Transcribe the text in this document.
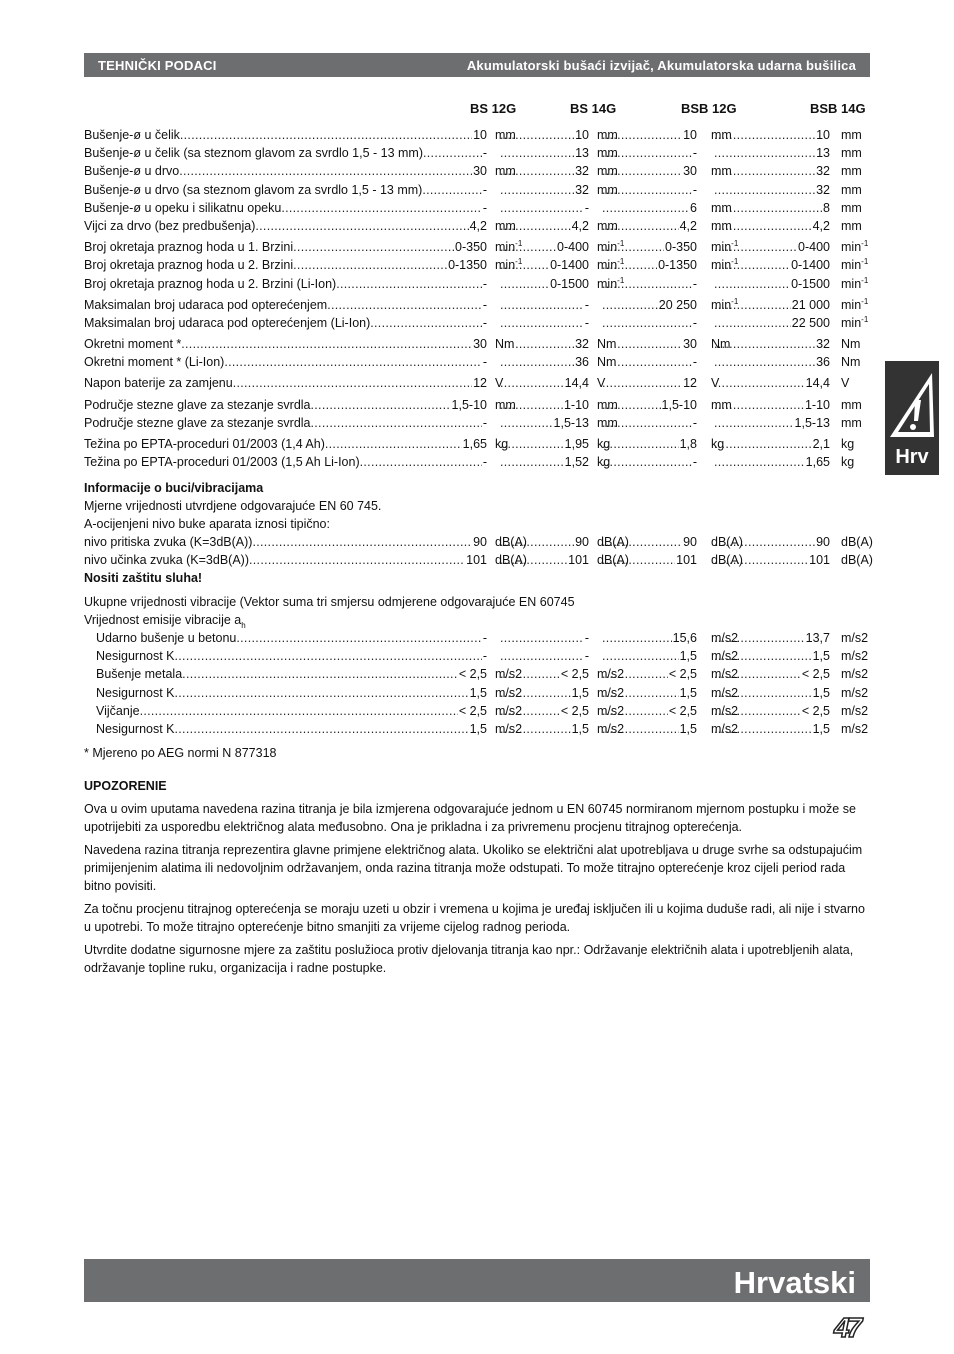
TEHNIČKI PODACI	Akumulatorski bušaći izvijač, Akumulatorska udarna bušilica
BS 12G	BS 14G	BSB 12G	BSB 14G
Bušenje-ø u čelik .....	10 mm .....	10 mm .....	10 mm .....	10 mm
Bušenje-ø u čelik (sa steznom glavom za svrdlo 1,5 - 13 mm) .....	- .....	13 mm .....	- .....	13 mm
Bušenje-ø u drvo .....	30 mm .....	32 mm .....	30 mm .....	32 mm
Bušenje-ø u drvo (sa steznom glavom za svrdlo 1,5 - 13 mm) .....	- .....	32 mm .....	- .....	32 mm
Bušenje-ø u opeku i silikatnu opeku .....	- .....	- .....	6 mm .....	8 mm
Vijci za drvo (bez predbušenja) .....	4,2 mm .....	4,2 mm .....	4,2 mm .....	4,2 mm
Broj okretaja praznog hoda u 1. Brzini .....	0-350 $\min^{-1}$ .....	0-400 $\min^{-1}$ .....	0-350 $\min^{-1}$ .....	0-400 $\min^{-1}$
Broj okretaja praznog hoda u 2. Brzini .....	0-1350 $\min^{-1}$ ..... 0-1400 $\min^{-1}$ .....	0-1350 $\min^{-1}$ .....	0-1400 $\min^{-1}$
Broj okretaja praznog hoda u 2. Brzini (Li-Ion) .....	- .....	0-1500 $\min^{-1}$ .....	- .....	0-1500 $\min^{-1}$
Maksimalan broj udaraca pod opterećenjem .....	- .....	- .....	20 250 $\min^{-1}$ .....	21 000 $\min^{-1}$
Maksimalan broj udaraca pod opterećenjem (Li-Ion) .....	- .....	- .....	- .....	22 500 $\min^{-1}$
Okretni moment * .....	30 Nm .....	32 Nm .....	30 Nm .....	32 Nm
Okretni moment * (Li-Ion) .....	- .....	36 Nm .....	- .....	36 Nm
Napon baterije za zamjenu .....	12 V .....	14,4 V .....	12 V .....	14,4 V
Područje stezne glave za stezanje svrdla .....	1,5-10 mm .....	1-10 mm .....	1,5-10 mm .....	1-10 mm
Područje stezne glave za stezanje svrdla .....	- .....	1,5-13 mm .....	- .....	1,5-13 mm
Težina po EPTA-proceduri 01/2003 (1,4 Ah) .....	1,65 kg .....	1,95 kg .....	1,8 kg .....	2,1 kg
Težina po EPTA-proceduri 01/2003 (1,5 Ah Li-Ion) .....	- .....	1,52 kg .....	- .....	1,65 kg
Informacije o buci/vibracijama
Mjerne vrijednosti utvrdjene odgovarajuće EN 60 745.
A-ocijenjeni nivo buke aparata iznosi tipično:
nivo pritiska zvuka (K=3dB(A)) .....	90 dB(A) .....	90 dB(A) .....	90 dB(A) .....	90 dB(A)
nivo učinka zvuka (K=3dB(A)) .....	101 dB(A) .....	101 dB(A) .....	101 dB(A) .....	101 dB(A)
Nositi zaštitu sluha!
Ukupne vrijednosti vibracije (Vektor suma tri smjersu odmjerene odgovarajuće EN 60745
Vrijednost emisije vibracije $a_h$
Udarno bušenje u betonu .....	- .....	- .....	15,6 m/s2 .....	13,7 m/s2
Nesigurnost K .....	- .....	- .....	1,5 m/s2 .....	1,5 m/s2
Bušenje metala .....	< 2,5 m/s2 .....	< 2,5 m/s2 .....	< 2,5 m/s2 .....	< 2,5 m/s2
Nesigurnost K .....	1,5 m/s2 .....	1,5 m/s2 .....	1,5 m/s2 .....	1,5 m/s2
Vijčanje .....	< 2,5 m/s2 .....	< 2,5 m/s2 .....	< 2,5 m/s2 .....	< 2,5 m/s2
Nesigurnost K .....	1,5 m/s2 .....	1,5 m/s2 .....	1,5 m/s2 .....	1,5 m/s2
* Mjereno po AEG normi N 877318
UPOZORENIE

Ova u ovim uputama navedena razina titranja je bila izmjerena odgovarajuće jednom u EN 60745 normiranom mjernom postupku i može se upotrijebiti za usporedbu električnog alata međusobno. Ona je prikladna i za privremenu procjenu titrajnog opterećenja.

Navedena razina titranja reprezentira glavne primjene električnog alata. Ukoliko se električni alat upotrebljava u druge svrhe sa odstupajućim primijenjenim alatima ili nedovoljnim održavanjem, onda razina titranja može odstupati. To može titrajno opterećenje kroz cijeli period rada bitno povisiti.

Za točnu procjenu titrajnog opterećenja se moraju uzeti u obzir i vremena u kojima je uređaj isključen ili u kojima duduše radi, ali nije i stvarno u upotrebi. To može titrajno opterećenje bitno smanjiti za vrijeme cijelog radnog perioda.

Utvrdite dodatne sigurnosne mjere za zaštitu poslužioca protiv djelovanja titranja kao npr.: Održavanje električnih alata i upotrebljenih alata, održavanje topline ruku, organizacija i radne postupke.

Hrv
Hrvatski
47
